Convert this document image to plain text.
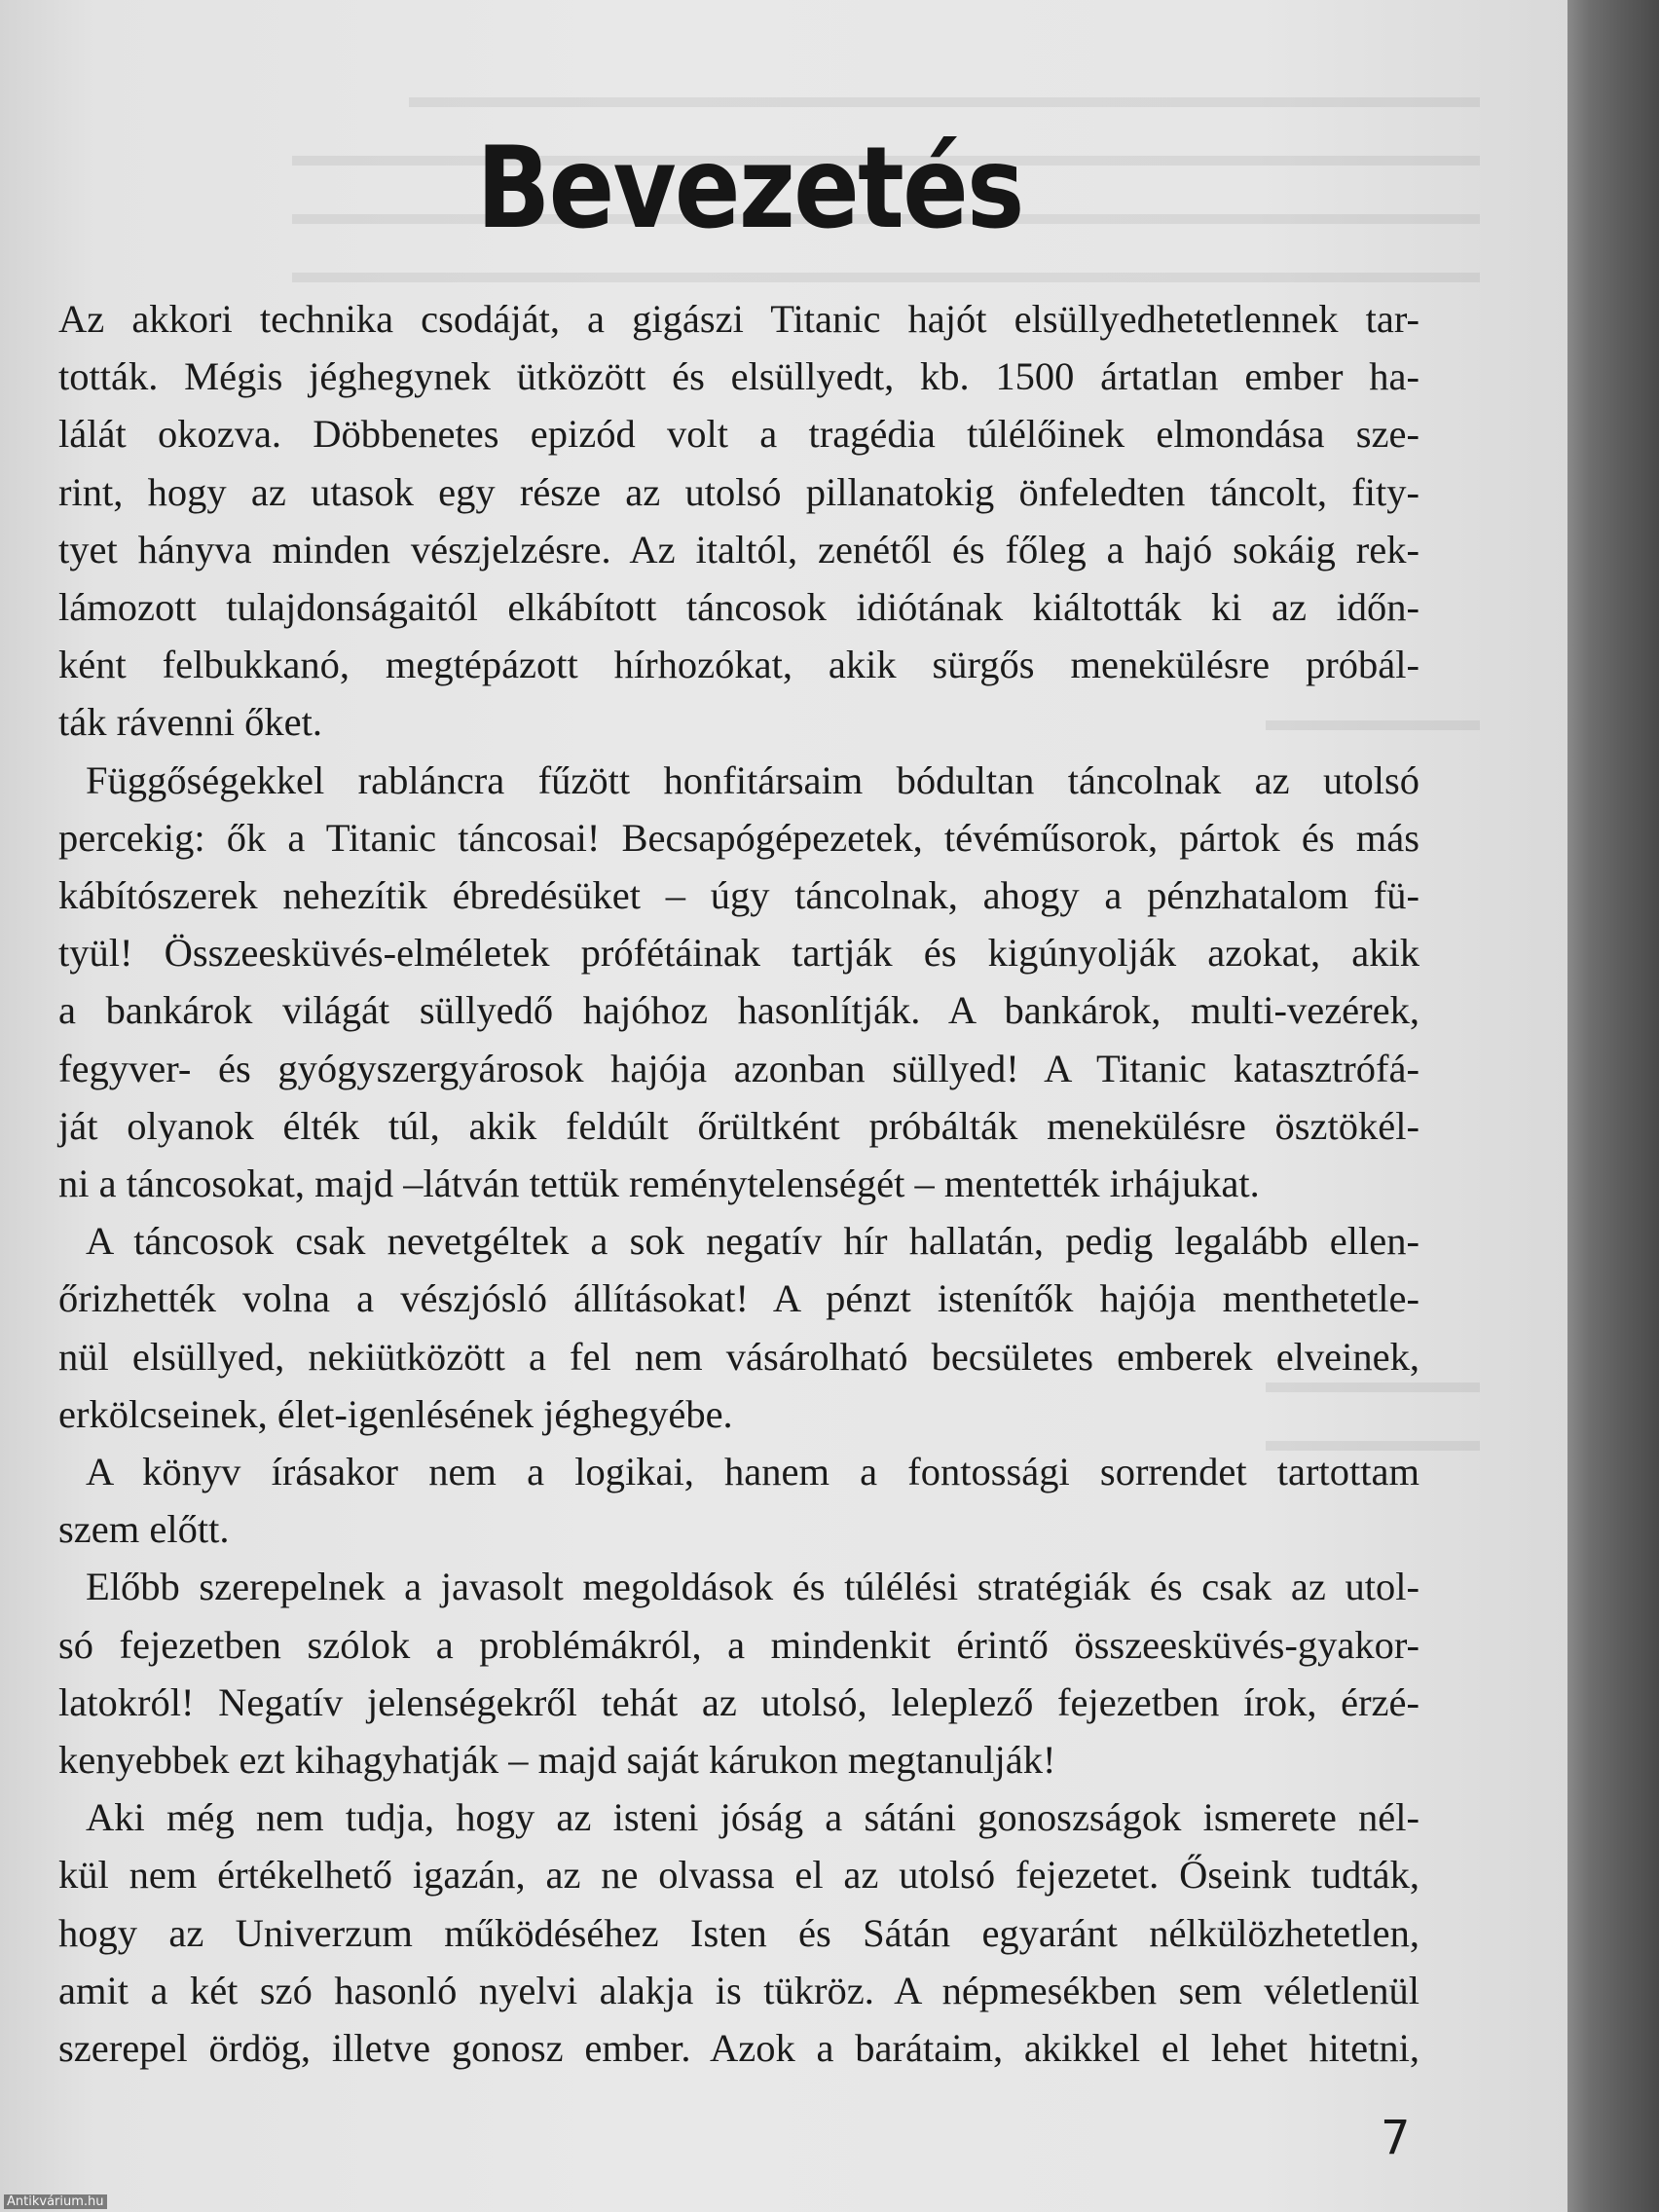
Bevezetés
Az akkori technika csodáját, a gigászi Titanic hajót elsüllyedhetetlennek tar-
tották. Mégis jéghegynek ütközött és elsüllyedt, kb. 1500 ártatlan ember ha-
lálát okozva. Döbbenetes epizód volt a tragédia túlélőinek elmondása sze-
rint, hogy az utasok egy része az utolsó pillanatokig önfeledten táncolt, fity-
tyet hányva minden vészjelzésre. Az italtól, zenétől és főleg a hajó sokáig rek-
lámozott tulajdonságaitól elkábított táncosok idiótának kiáltották ki az időn-
ként felbukkanó, megtépázott hírhozókat, akik sürgős menekülésre próbál-
ták rávenni őket.
Függőségekkel rabláncra fűzött honfitársaim bódultan táncolnak az utolsó
percekig: ők a Titanic táncosai! Becsapógépezetek, tévéműsorok, pártok és más
kábítószerek nehezítik ébredésüket – úgy táncolnak, ahogy a pénzhatalom fü-
tyül! Összeesküvés-elméletek prófétáinak tartják és kigúnyolják azokat, akik
a bankárok világát süllyedő hajóhoz hasonlítják. A bankárok, multi-vezérek,
fegyver- és gyógyszergyárosok hajója azonban süllyed! A Titanic katasztrófá-
ját olyanok élték túl, akik feldúlt őrültként próbálták menekülésre ösztökél-
ni a táncosokat, majd –látván tettük reménytelenségét – mentették irhájukat.
A táncosok csak nevetgéltek a sok negatív hír hallatán, pedig legalább ellen-
őrizhették volna a vészjósló állításokat! A pénzt istenítők hajója menthetetle-
nül elsüllyed, nekiütközött a fel nem vásárolható becsületes emberek elveinek,
erkölcseinek, élet-igenlésének jéghegyébe.
A könyv írásakor nem a logikai, hanem a fontossági sorrendet tartottam
szem előtt.
Előbb szerepelnek a javasolt megoldások és túlélési stratégiák és csak az utol-
só fejezetben szólok a problémákról, a mindenkit érintő összeesküvés-gyakor-
latokról! Negatív jelenségekről tehát az utolsó, leleplező fejezetben írok, érzé-
kenyebbek ezt kihagyhatják – majd saját kárukon megtanulják!
Aki még nem tudja, hogy az isteni jóság a sátáni gonoszságok ismerete nél-
kül nem értékelhető igazán, az ne olvassa el az utolsó fejezetet. Őseink tudták,
hogy az Univerzum működéséhez Isten és Sátán egyaránt nélkülözhetetlen,
amit a két szó hasonló nyelvi alakja is tükröz. A népmesékben sem véletlenül
szerepel ördög, illetve gonosz ember. Azok a barátaim, akikkel el lehet hitetni,
7
Antikvárium.hu
